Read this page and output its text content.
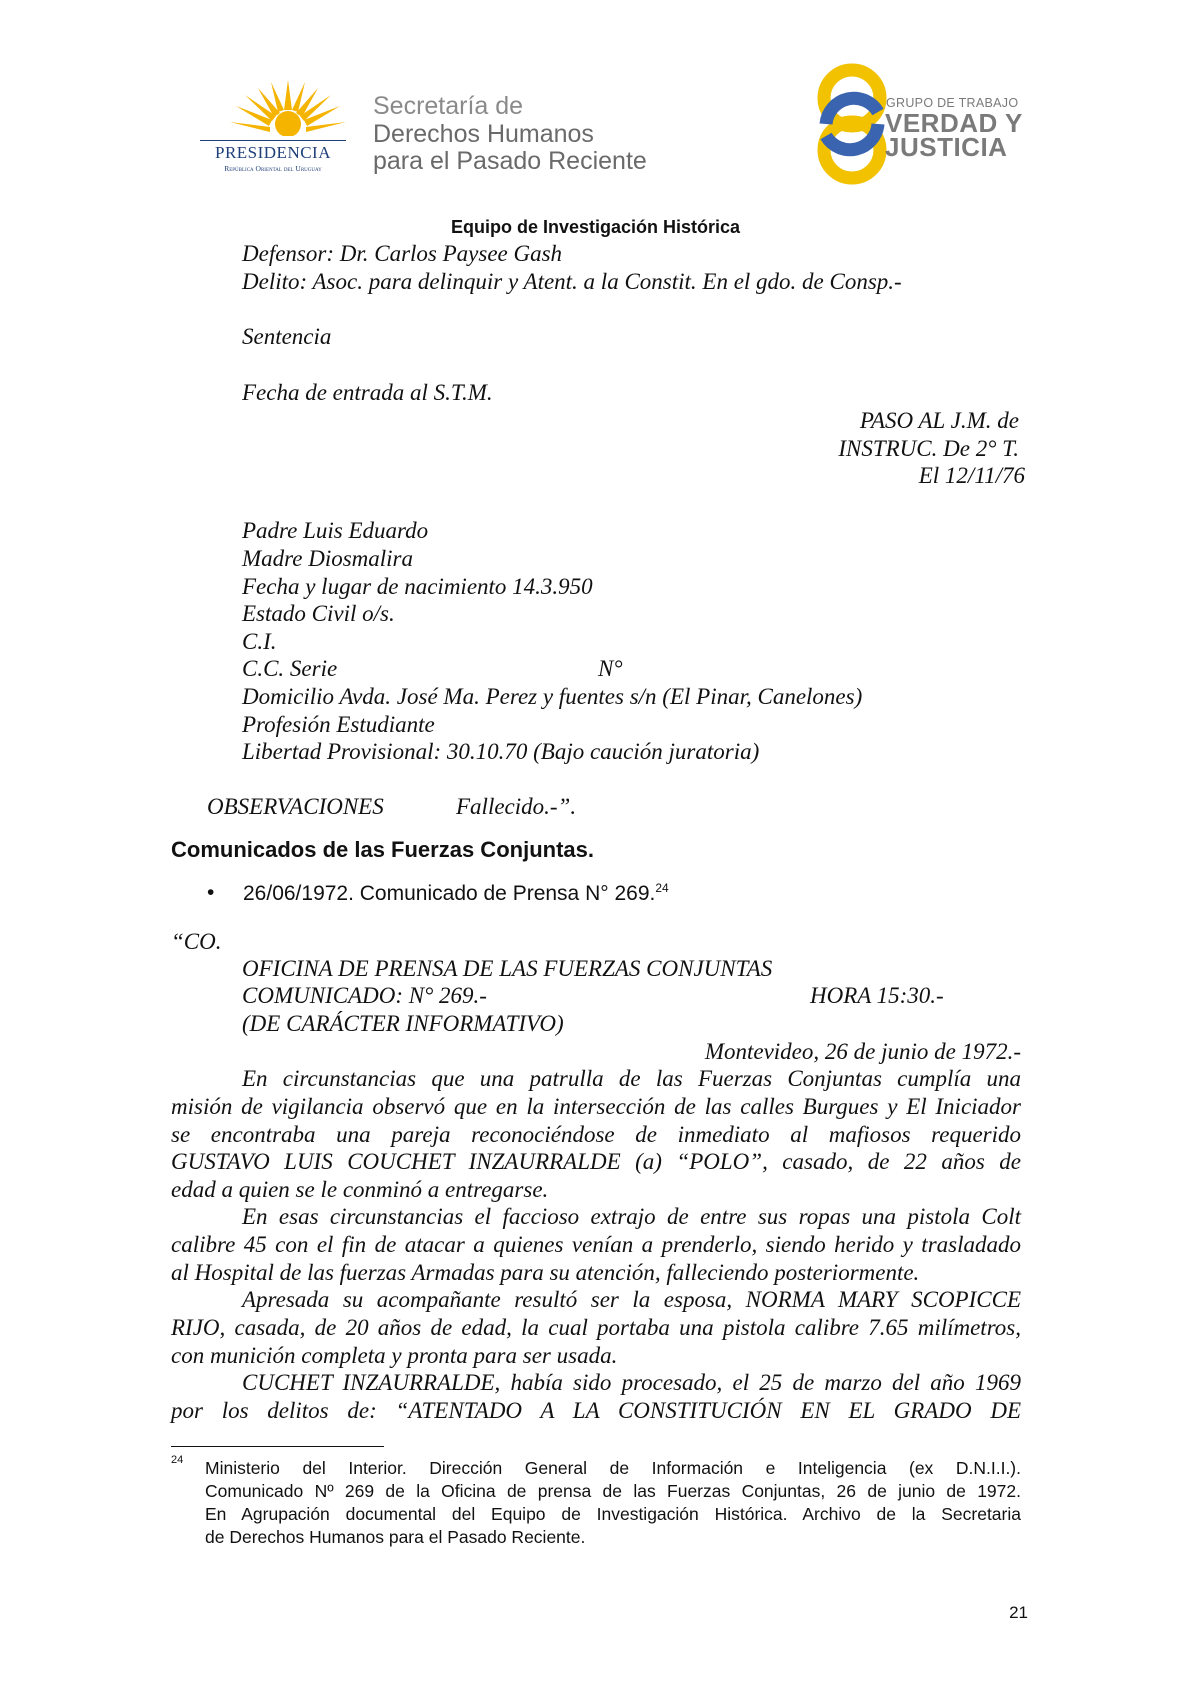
PRESIDENCIA
República Oriental del Uruguay
Secretaría de
Derechos Humanos
para el Pasado Reciente
GRUPO DE TRABAJO
VERDAD Y
JUSTICIA
Equipo de Investigación Histórica
Defensor: Dr. Carlos Paysee Gash
Delito: Asoc. para delinquir y Atent. a la Constit. En el gdo. de Consp.-
Sentencia
Fecha de entrada al S.T.M.
PASO AL J.M. de
INSTRUC. De 2° T.
El 12/11/76
Padre Luis Eduardo
Madre Diosmalira
Fecha y lugar de nacimiento 14.3.950
Estado Civil o/s.
C.I.
C.C. Serie	N°
Domicilio Avda. José Ma. Perez y fuentes s/n (El Pinar, Canelones)
Profesión Estudiante
Libertad Provisional: 30.10.70 (Bajo caución juratoria)
OBSERVACIONES	Fallecido.-”.
Comunicados de las Fuerzas Conjuntas.
• 26/06/1972. Comunicado de Prensa N° 269.24
“CO.
OFICINA DE PRENSA DE LAS FUERZAS CONJUNTAS
COMUNICADO: N° 269.-	HORA 15:30.-
(DE CARÁCTER INFORMATIVO)
Montevideo, 26 de junio de 1972.-
En circunstancias que una patrulla de las Fuerzas Conjuntas cumplía una
misión de vigilancia observó que en la intersección de las calles Burgues y El Iniciador
se encontraba una pareja reconociéndose de inmediato al mafiosos requerido
GUSTAVO LUIS COUCHET INZAURRALDE (a) “POLO”, casado, de 22 años de
edad a quien se le conminó a entregarse.
En esas circunstancias el faccioso extrajo de entre sus ropas una pistola Colt
calibre 45 con el fin de atacar a quienes venían a prenderlo, siendo herido y trasladado
al Hospital de las fuerzas Armadas para su atención, falleciendo posteriormente.
Apresada su acompañante resultó ser la esposa, NORMA MARY SCOPICCE
RIJO, casada, de 20 años de edad, la cual portaba una pistola calibre 7.65 milímetros,
con munición completa y pronta para ser usada.
CUCHET INZAURRALDE, había sido procesado, el 25 de marzo del año 1969
por los delitos de: “ATENTADO A LA CONSTITUCIÓN EN EL GRADO DE
24 Ministerio del Interior. Dirección General de Información e Inteligencia (ex D.N.I.I.).
Comunicado Nº 269 de la Oficina de prensa de las Fuerzas Conjuntas, 26 de junio de 1972.
En Agrupación documental del Equipo de Investigación Histórica. Archivo de la Secretaria
de Derechos Humanos para el Pasado Reciente.
21
